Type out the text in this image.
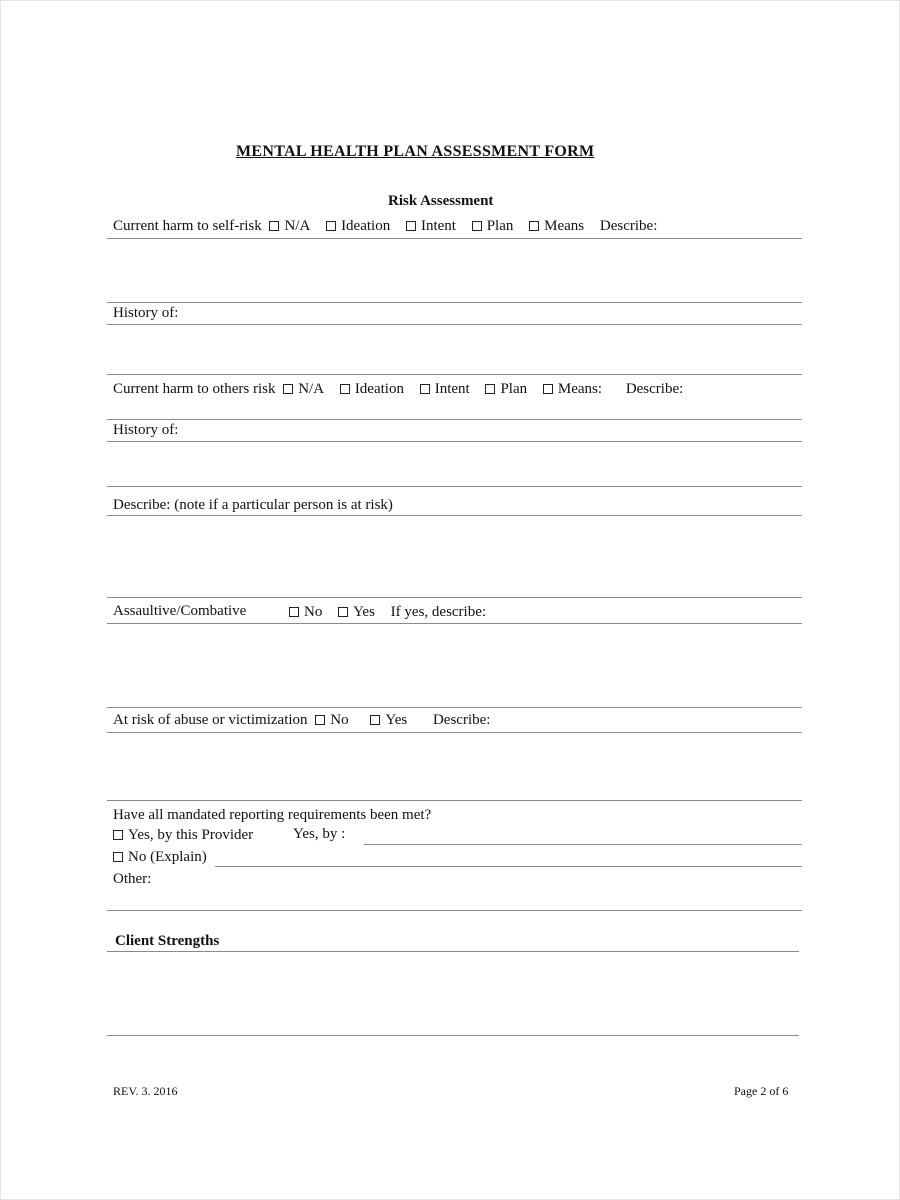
MENTAL HEALTH PLAN ASSESSMENT FORM
Risk Assessment
Current harm to self-risk N/A Ideation Intent Plan Means Describe:
History of:
Current harm to others risk N/A Ideation Intent Plan Means: Describe:
History of:
Describe: (note if a particular person is at risk)
Assaultive/Combative	No Yes If yes, describe:
At risk of abuse or victimization No Yes Describe:
Have all mandated reporting requirements been met?
Yes, by this Provider	Yes, by :
No (Explain)
Other:
Client Strengths
REV. 3. 2016	Page 2 of 6
